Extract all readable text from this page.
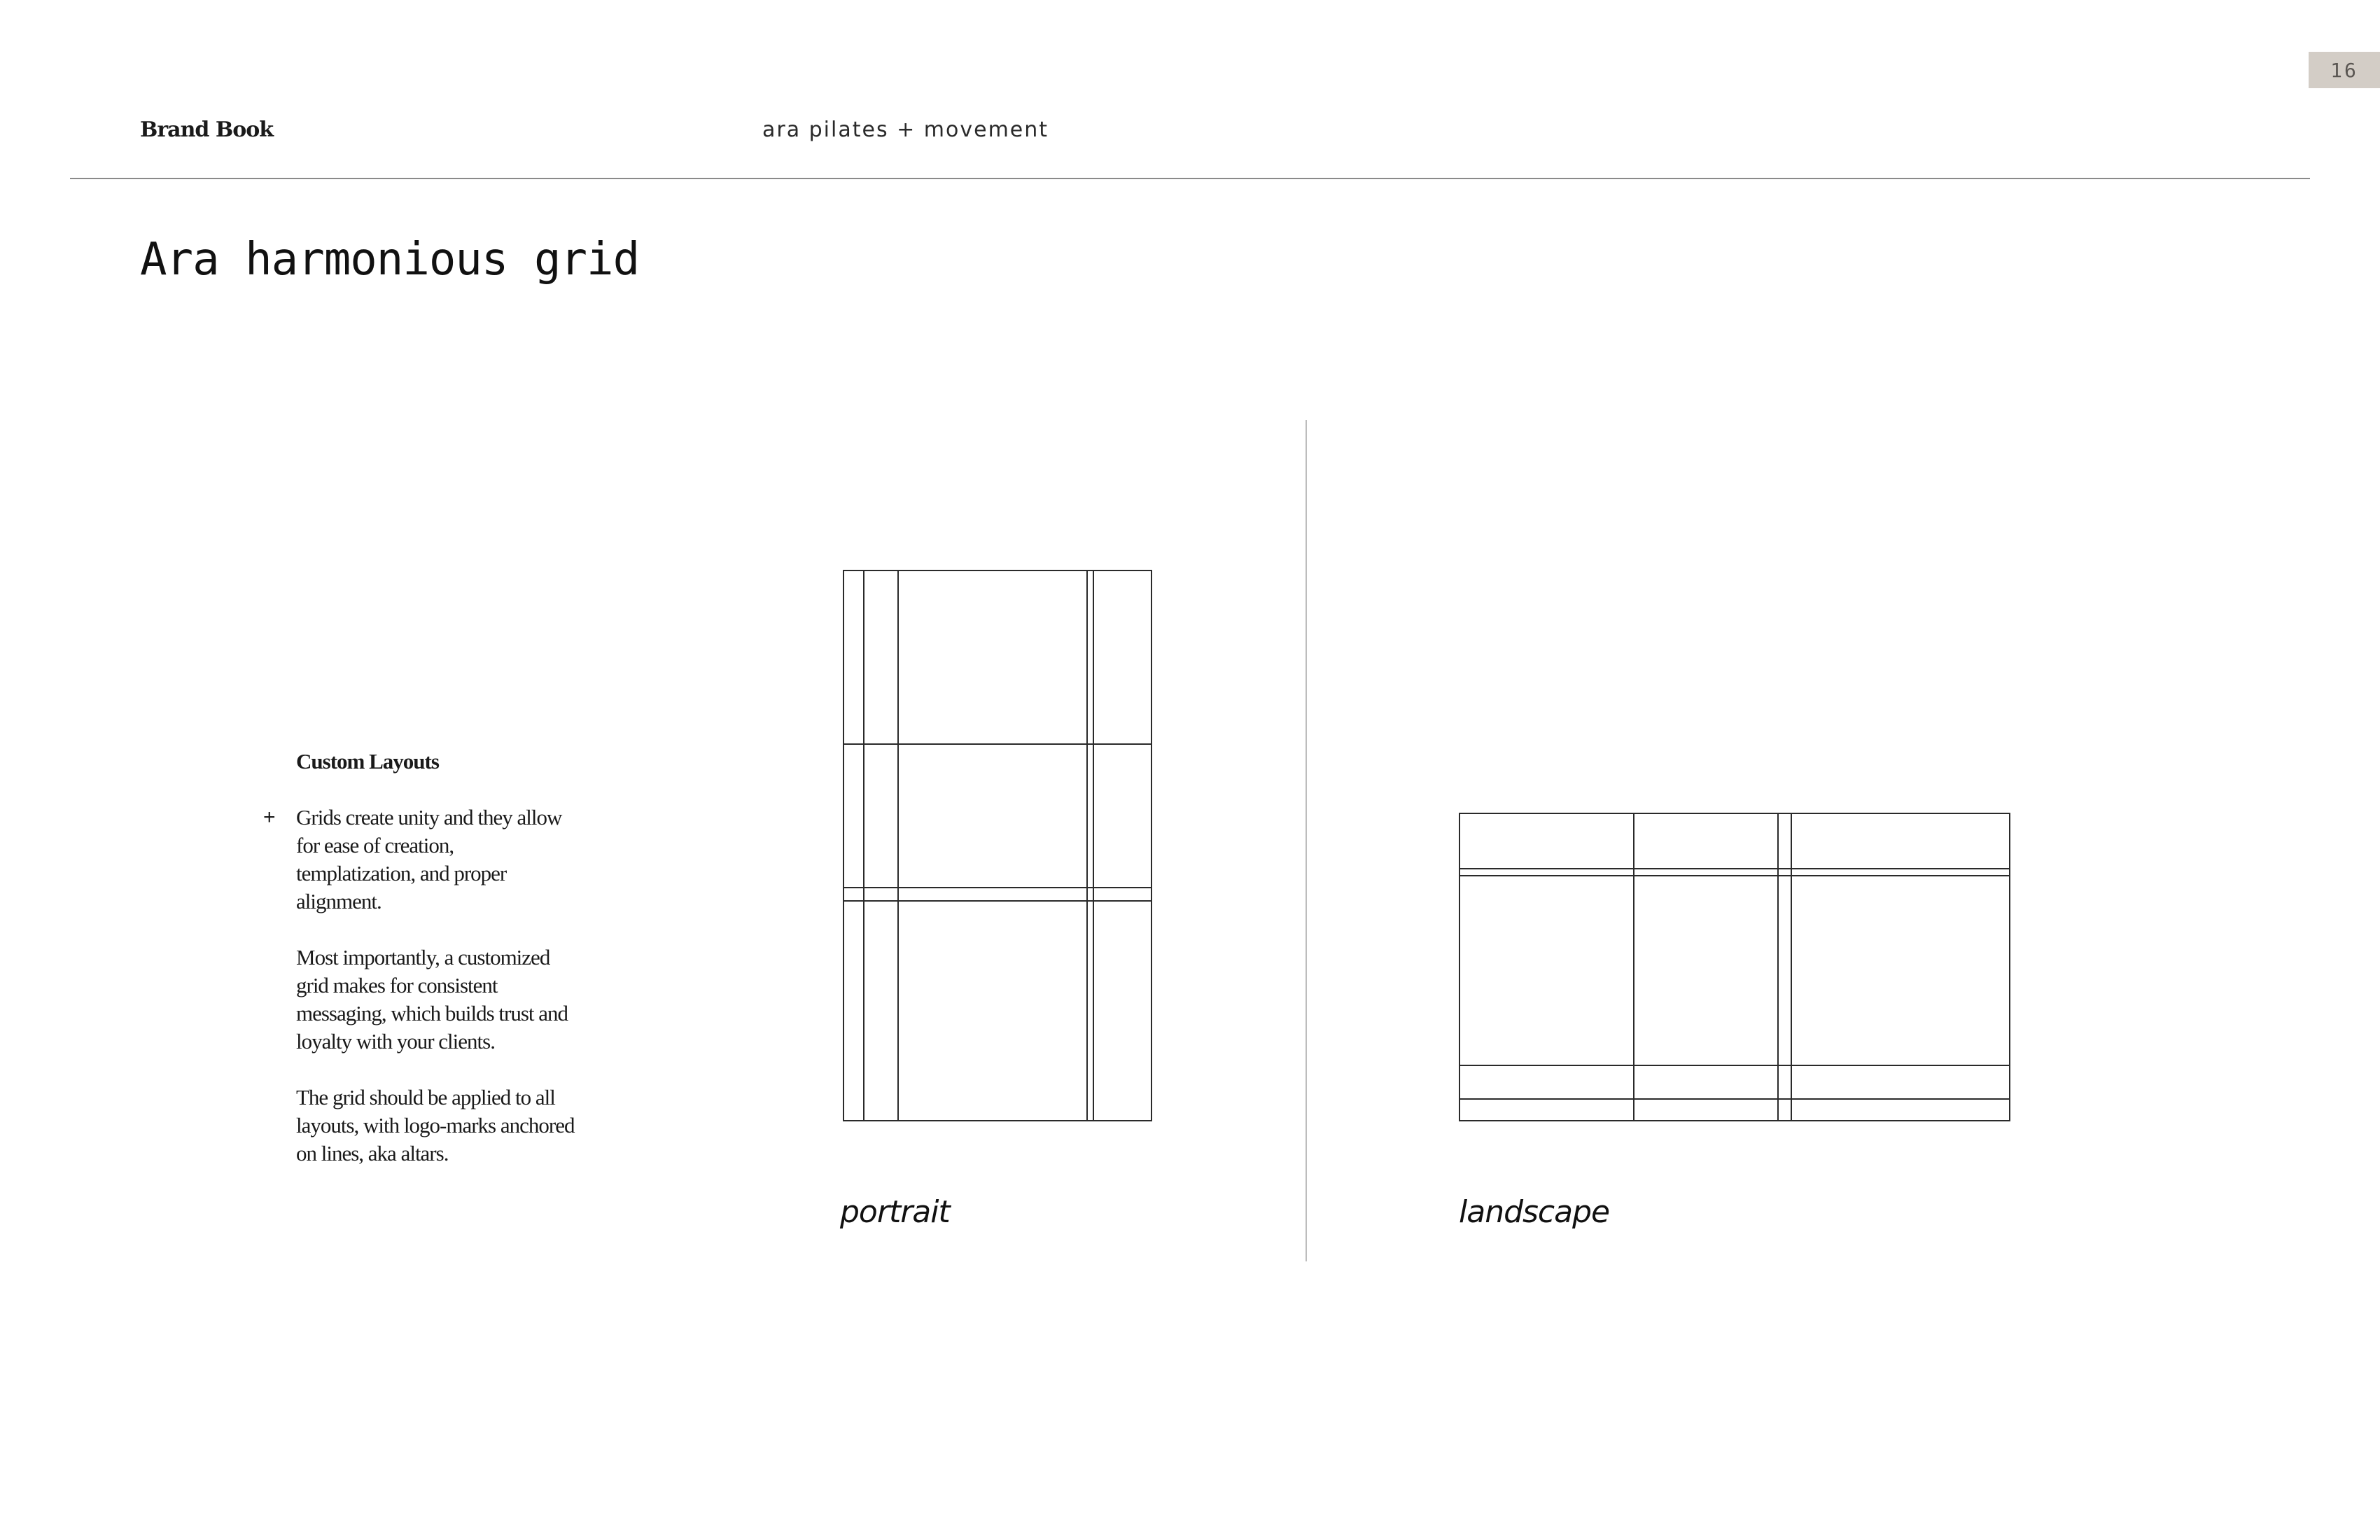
16
Brand Book	ara pilates + movement
Ara harmonious grid

Custom Layouts

+ Grids create unity and they allow for ease of creation, templatization, and proper alignment.

Most importantly, a customized grid makes for consistent messaging, which builds trust and loyalty with your clients.

The grid should be applied to all layouts, with logo-marks anchored on lines, aka altars.

portrait	landscape
